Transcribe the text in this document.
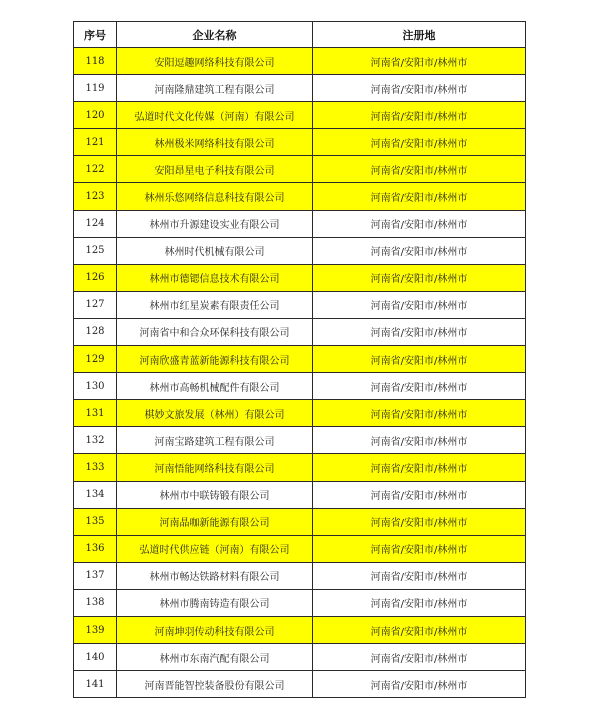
序号	企业名称	注册地
118	安阳逗趣网络科技有限公司	河南省/安阳市/林州市
119	河南隆鼎建筑工程有限公司	河南省/安阳市/林州市
120	弘道时代文化传媒（河南）有限公司	河南省/安阳市/林州市
121	林州极米网络科技有限公司	河南省/安阳市/林州市
122	安阳昂星电子科技有限公司	河南省/安阳市/林州市
123	林州乐悠网络信息科技有限公司	河南省/安阳市/林州市
124	林州市升源建设实业有限公司	河南省/安阳市/林州市
125	林州时代机械有限公司	河南省/安阳市/林州市
126	林州市德锶信息技术有限公司	河南省/安阳市/林州市
127	林州市红星炭素有限责任公司	河南省/安阳市/林州市
128	河南省中和合众环保科技有限公司	河南省/安阳市/林州市
129	河南欣盛青蓝新能源科技有限公司	河南省/安阳市/林州市
130	林州市高畅机械配件有限公司	河南省/安阳市/林州市
131	棋妙文旅发展（林州）有限公司	河南省/安阳市/林州市
132	河南宝路建筑工程有限公司	河南省/安阳市/林州市
133	河南悟能网络科技有限公司	河南省/安阳市/林州市
134	林州市中联铸锻有限公司	河南省/安阳市/林州市
135	河南晶咖新能源有限公司	河南省/安阳市/林州市
136	弘道时代供应链（河南）有限公司	河南省/安阳市/林州市
137	林州市畅达铁路材料有限公司	河南省/安阳市/林州市
138	林州市腾南铸造有限公司	河南省/安阳市/林州市
139	河南坤羽传动科技有限公司	河南省/安阳市/林州市
140	林州市东南汽配有限公司	河南省/安阳市/林州市
141	河南晋能智控装备股份有限公司	河南省/安阳市/林州市
